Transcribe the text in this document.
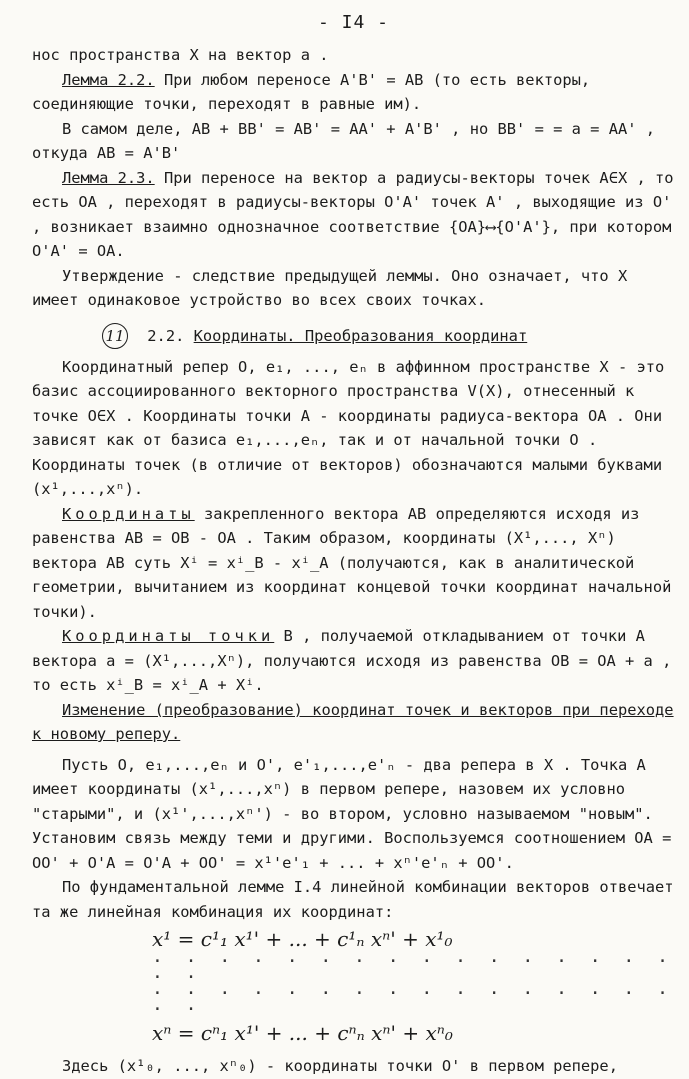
- I4 -

нос пространства X на вектор a .

Лемма 2.2. При любом переносе A'B' = AB (то есть векторы, соединяющие точки, переходят в равные им).

В самом деле, AB + BB' = AB' = AA' + A'B' , но BB' = = a = AA' , откуда AB = A'B'

Лемма 2.3. При переносе на вектор a радиусы-векторы точек A∈X , то есть OA , переходят в радиусы-векторы O'A' точек A' , выходящие из O' , возникает взаимно однозначное соответствие {OA}⟷{O'A'}, при котором O'A' = OA.

Утверждение - следствие предыдущей леммы. Оно означает, что X имеет одинаковое устройство во всех своих точках.

11 2.2. Координаты. Преобразования координат

Координатный репер O, e₁, ..., eₙ в аффинном пространстве X - это базис ассоциированного векторного пространства V(X), отнесенный к точке O∈X . Координаты точки A - координаты радиуса-вектора OA . Они зависят как от базиса e₁,...,eₙ, так и от начальной точки O . Координаты точек (в отличие от векторов) обозначаются малыми буквами (x¹,...,xⁿ).

Координаты закрепленного вектора AB определяются исходя из равенства AB = OB - OA . Таким образом, координаты (X¹,..., Xⁿ) вектора AB суть Xⁱ = xⁱ_B - xⁱ_A (получаются, как в аналитической геометрии, вычитанием из координат концевой точки координат начальной точки).

Координаты точки B , получаемой откладыванием от точки A вектора a = (X¹,...,Xⁿ), получаются исходя из равенства OB = OA + a , то есть xⁱ_B = xⁱ_A + Xⁱ.

Изменение (преобразование) координат точек и векторов при переходе к новому реперу.

Пусть O, e₁,...,eₙ и O', e'₁,...,e'ₙ - два репера в X . Точка A имеет координаты (x¹,...,xⁿ) в первом репере, назовем их условно "старыми", и (x¹',...,xⁿ') - во втором, условно называемом "новым". Установим связь между теми и другими. Воспользуемся соотношением OA = OO' + O'A = O'A + OO' = x¹'e'₁ + ... + xⁿ'e'ₙ + OO'.

По фундаментальной лемме I.4 линейной комбинации векторов отвечает та же линейная комбинация их координат:

x¹ = c¹₁ x¹' + ... + c¹ₙ xⁿ' + x¹₀
· · · · · · · · · · · · · · · · · ·
· · · · · · · · · · · · · · · · · ·
xⁿ = cⁿ₁ x¹' + ... + cⁿₙ xⁿ' + xⁿ₀

Здесь (x¹₀, ..., xⁿ₀) - координаты точки O' в первом репере,
